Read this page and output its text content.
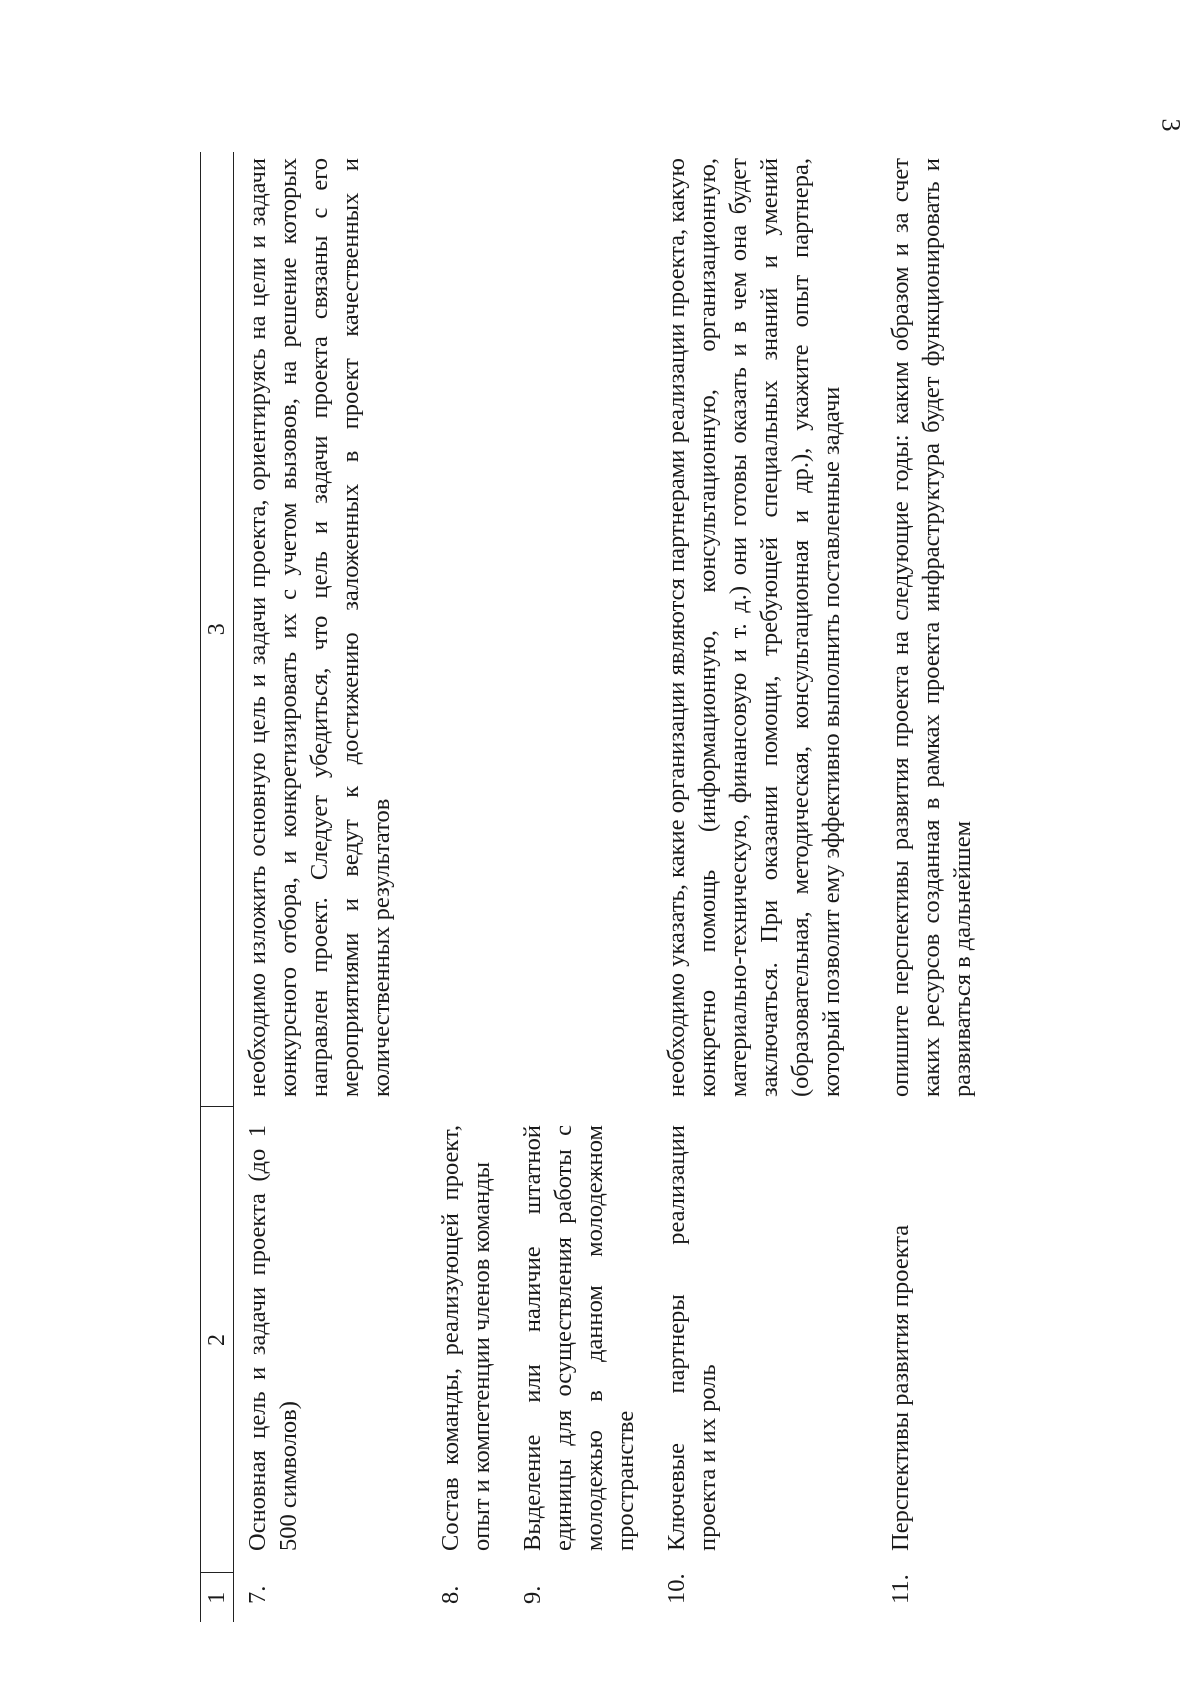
3
1	2	3
7.	Основная цель и задачи проекта (до 1 500 символов)	необходимо изложить основную цель и задачи проекта, ориентируясь на цели и задачи конкурсного отбора, и конкретизировать их с учетом вызовов, на решение которых направлен проект. Следует убедиться, что цель и задачи проекта связаны с его мероприятиями и ведут к достижению заложенных в проект качественных и количественных результатов
8.	Состав команды, реализующей проект, опыт и компетенции членов команды	
9.	Выделение или наличие штатной единицы для осуществления работы с молодежью в данном молодежном пространстве	
10.	Ключевые партнеры реализации проекта и их роль	необходимо указать, какие организации являются партнерами реализации проекта, какую конкретно помощь (информационную, консультационную, организационную, материально-техническую, финансовую и т. д.) они готовы оказать и в чем она будет заключаться. При оказании помощи, требующей специальных знаний и умений (образовательная, методическая, консультационная и др.), укажите опыт партнера, который позволит ему эффективно выполнить поставленные задачи
11.	Перспективы развития проекта	опишите перспективы развития проекта на следующие годы: каким образом и за счет каких ресурсов созданная в рамках проекта инфраструктура будет функционировать и развиваться в дальнейшем
